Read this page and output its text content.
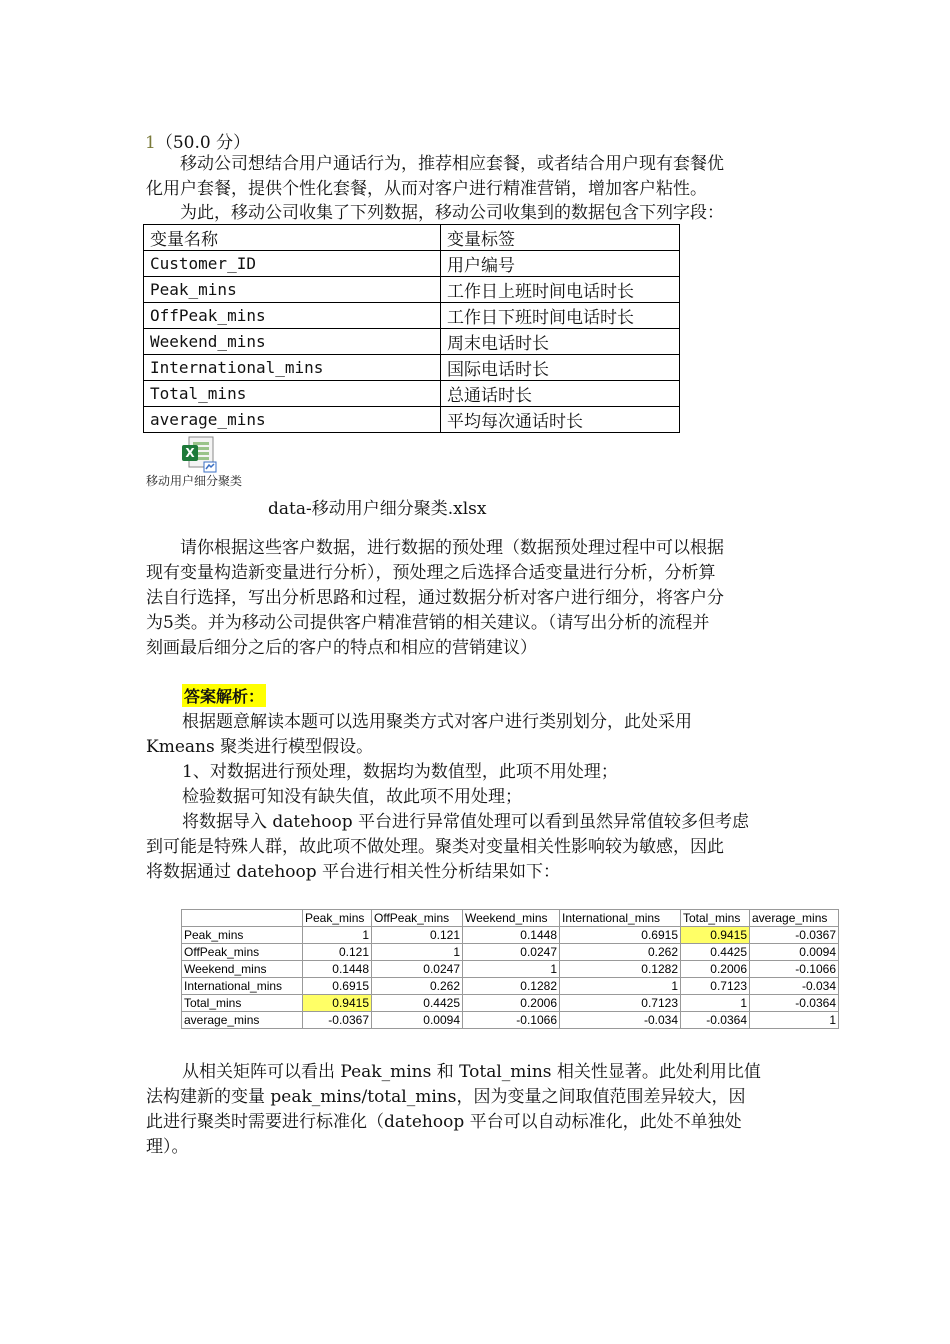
1（50.0 分）
移动公司想结合用户通话行为，推荐相应套餐，或者结合用户现有套餐优
化用户套餐，提供个性化套餐，从而对客户进行精准营销，增加客户粘性。
为此，移动公司收集了下列数据，移动公司收集到的数据包含下列字段：
变量名称	变量标签
Customer_ID	用户编号
Peak_mins	工作日上班时间电话时长
OffPeak_mins	工作日下班时间电话时长
Weekend_mins	周末电话时长
International_mins	国际电话时长
Total_mins	总通话时长
average_mins	平均每次通话时长
X
移动用户细分聚类
data-移动用户细分聚类.xlsx
请你根据这些客户数据，进行数据的预处理（数据预处理过程中可以根据
现有变量构造新变量进行分析），预处理之后选择合适变量进行分析，分析算
法自行选择，写出分析思路和过程，通过数据分析对客户进行细分，将客户分
为5类。并为移动公司提供客户精准营销的相关建议。（请写出分析的流程并
刻画最后细分之后的客户的特点和相应的营销建议）
答案解析：
根据题意解读本题可以选用聚类方式对客户进行类别划分，此处采用
Kmeans 聚类进行模型假设。
1、对数据进行预处理，数据均为数值型，此项不用处理；
检验数据可知没有缺失值，故此项不用处理；
将数据导入 datehoop 平台进行异常值处理可以看到虽然异常值较多但考虑
到可能是特殊人群，故此项不做处理。聚类对变量相关性影响较为敏感，因此
将数据通过 datehoop 平台进行相关性分析结果如下：
	Peak_mins	OffPeak_mins	Weekend_mins	International_mins	Total_mins	average_mins
Peak_mins	1	0.121	0.1448	0.6915	0.9415	-0.0367
OffPeak_mins	0.121	1	0.0247	0.262	0.4425	0.0094
Weekend_mins	0.1448	0.0247	1	0.1282	0.2006	-0.1066
International_mins	0.6915	0.262	0.1282	1	0.7123	-0.034
Total_mins	0.9415	0.4425	0.2006	0.7123	1	-0.0364
average_mins	-0.0367	0.0094	-0.1066	-0.034	-0.0364	1
从相关矩阵可以看出 Peak_mins 和 Total_mins 相关性显著。此处利用比值
法构建新的变量 peak_mins/total_mins，因为变量之间取值范围差异较大，因
此进行聚类时需要进行标准化（datehoop 平台可以自动标准化，此处不单独处
理）。
